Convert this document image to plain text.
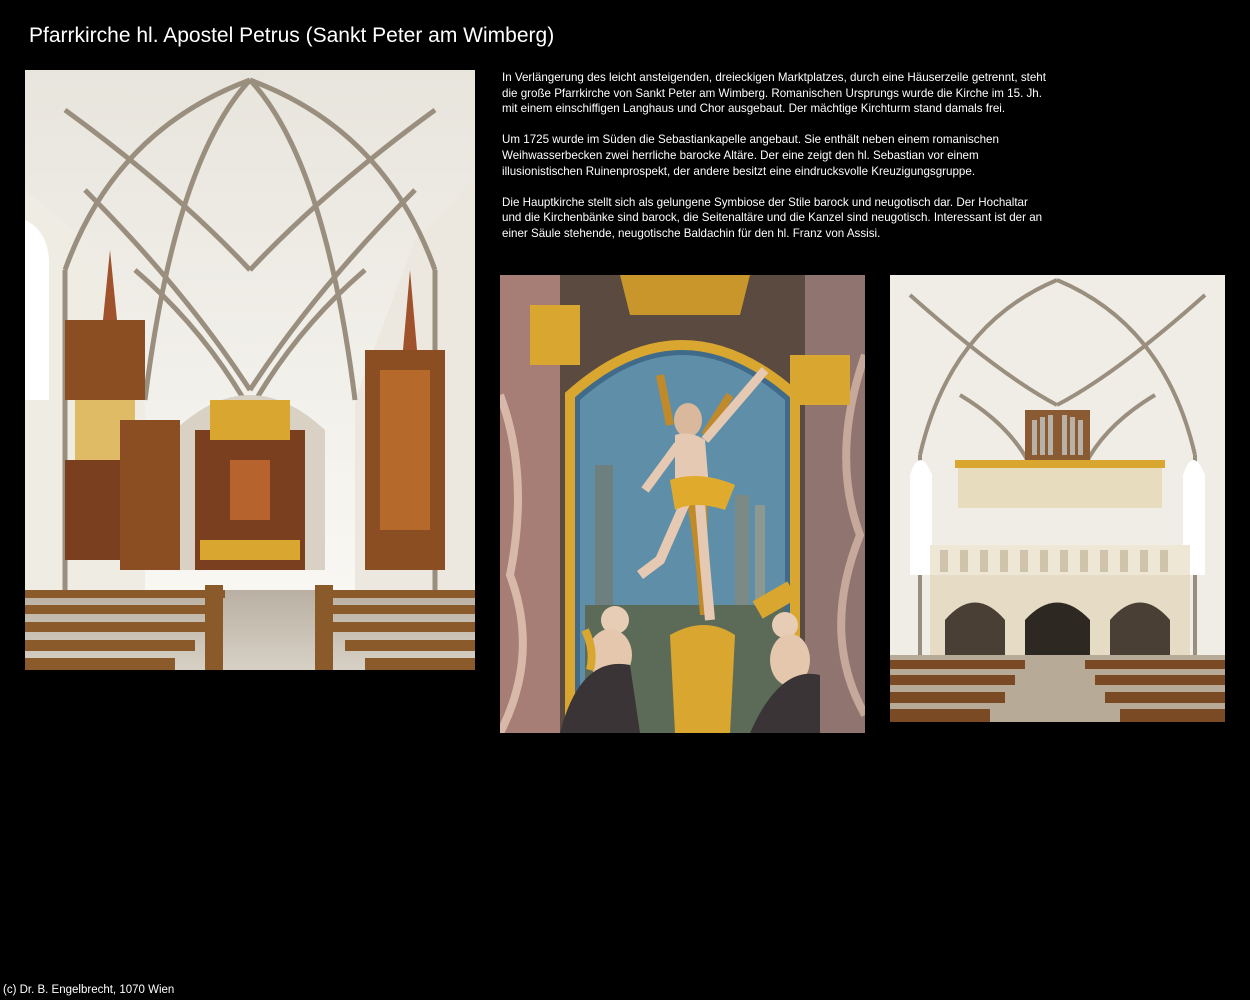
Pfarrkirche hl. Apostel Petrus (Sankt Peter am Wimberg)

In Verlängerung des leicht ansteigenden, dreieckigen Marktplatzes, durch eine Häuserzeile getrennt, steht die große Pfarrkirche von Sankt Peter am Wimberg. Romanischen Ursprungs wurde die Kirche im 15. Jh. mit einem einschiffigen Langhaus und Chor ausgebaut. Der mächtige Kirchturm stand damals frei.

Um 1725 wurde im Süden die Sebastiankapelle angebaut. Sie enthält neben einem romanischen Weihwasserbecken zwei herrliche barocke Altäre. Der eine zeigt den hl. Sebastian vor einem illusionistischen Ruinenprospekt, der andere besitzt eine eindrucksvolle Kreuzigungsgruppe.

Die Hauptkirche stellt sich als gelungene Symbiose der Stile barock und neugotisch dar. Der Hochaltar und die Kirchenbänke sind barock, die Seitenaltäre und die Kanzel sind neugotisch. Interessant ist der an einer Säule stehende, neugotische Baldachin für den hl. Franz von Assisi.

(c) Dr. B. Engelbrecht, 1070 Wien
